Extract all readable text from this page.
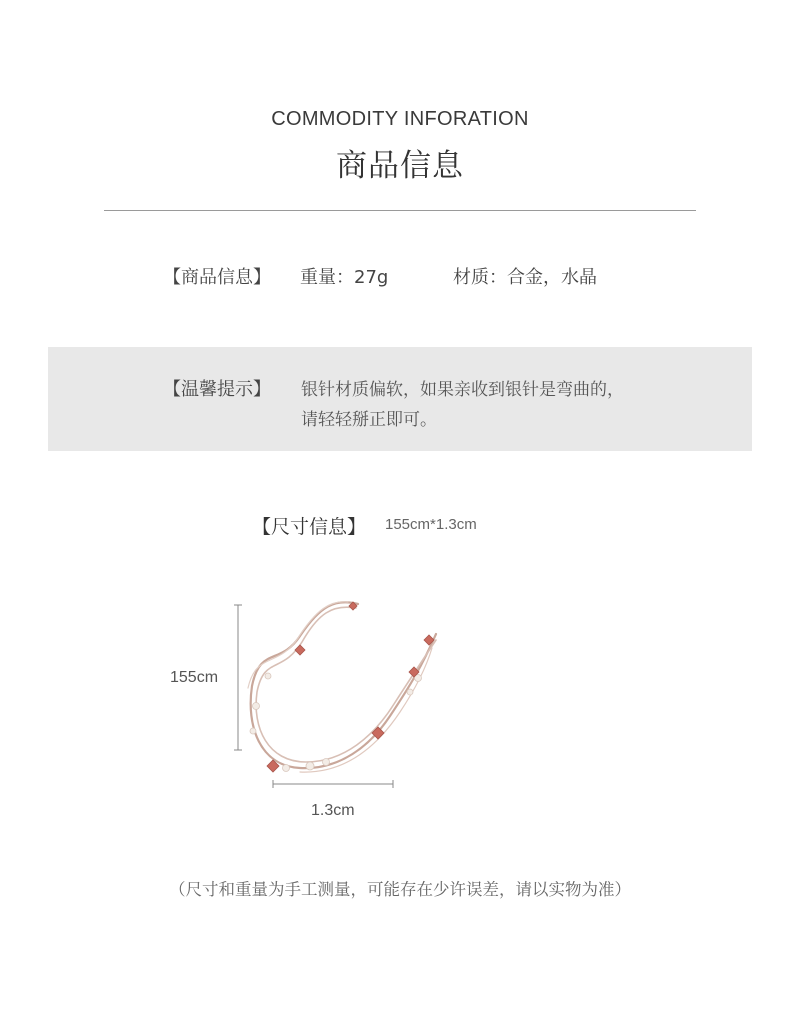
COMMODITY INFORATION
商品信息
【商品信息】 重量：27g	材质：合金，水晶
【温馨提示】 银针材质偏软，如果亲收到银针是弯曲的，
请轻轻掰正即可。
【尺寸信息】 155cm*1.3cm
155cm
1.3cm
（尺寸和重量为手工测量，可能存在少许误差，请以实物为准）
